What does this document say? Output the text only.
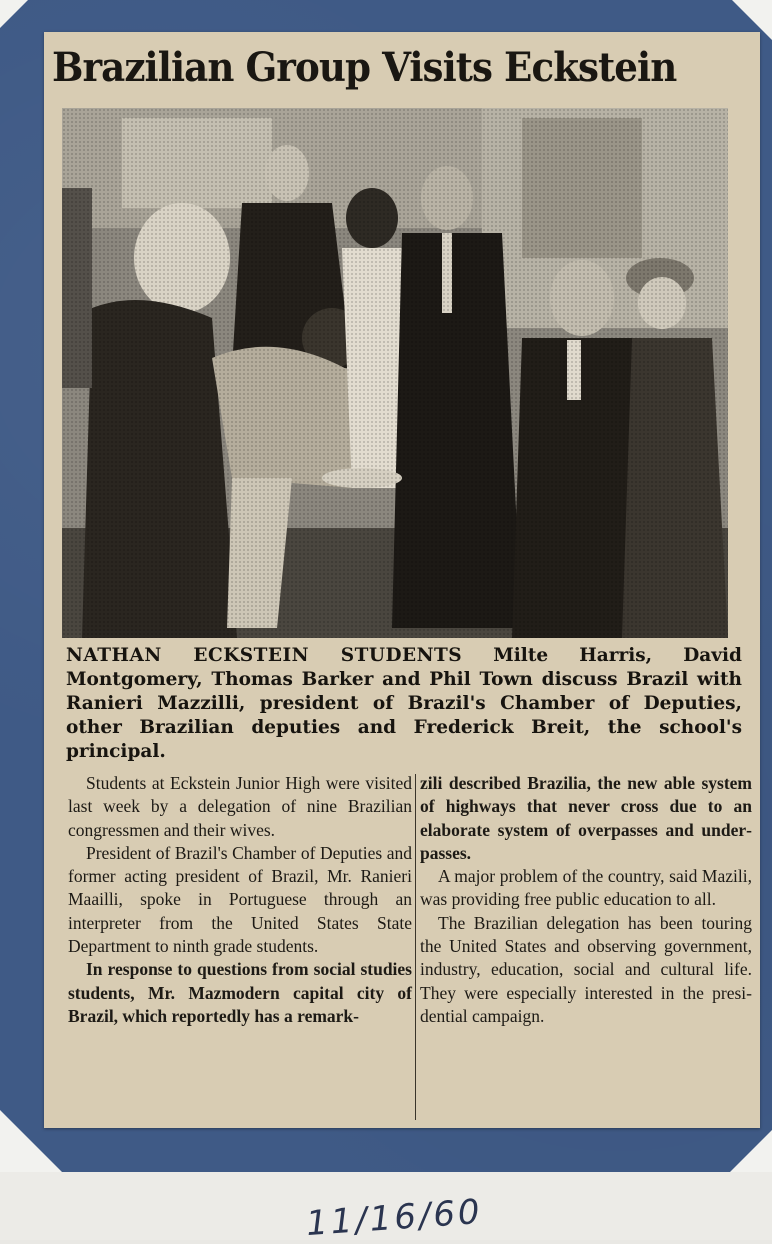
Brazilian Group Visits Eckstein
NATHAN ECKSTEIN STUDENTS Milte Harris, David Montgomery, Thomas Barker and Phil Town discuss Brazil with Ranieri Mazzilli, president of Brazil's Chamber of Deputies, other Brazilian deputies and Frederick Breit, the school's principal.

Students at Eckstein Junior High were visited last week by a delegation of nine Brazilian congressmen and their wives.

President of Brazil's Chamber of Deputies and former acting president of Brazil, Mr. Ranieri Maailli, spoke in Portuguese through an interpreter from the United States State Department to ninth grade students.

In response to questions from social studies students, Mr. Mazmodern capital city of Brazil, which reportedly has a remark-

zili described Brazilia, the new able system of highways that never cross due to an elaborate system of overpasses and underpasses.

A major problem of the country, said Mazili, was providing free public education to all.

The Brazilian delegation has been touring the United States and observing government, industry, education, social and cultural life. They were especially interested in the presidential campaign.

11/16/60
